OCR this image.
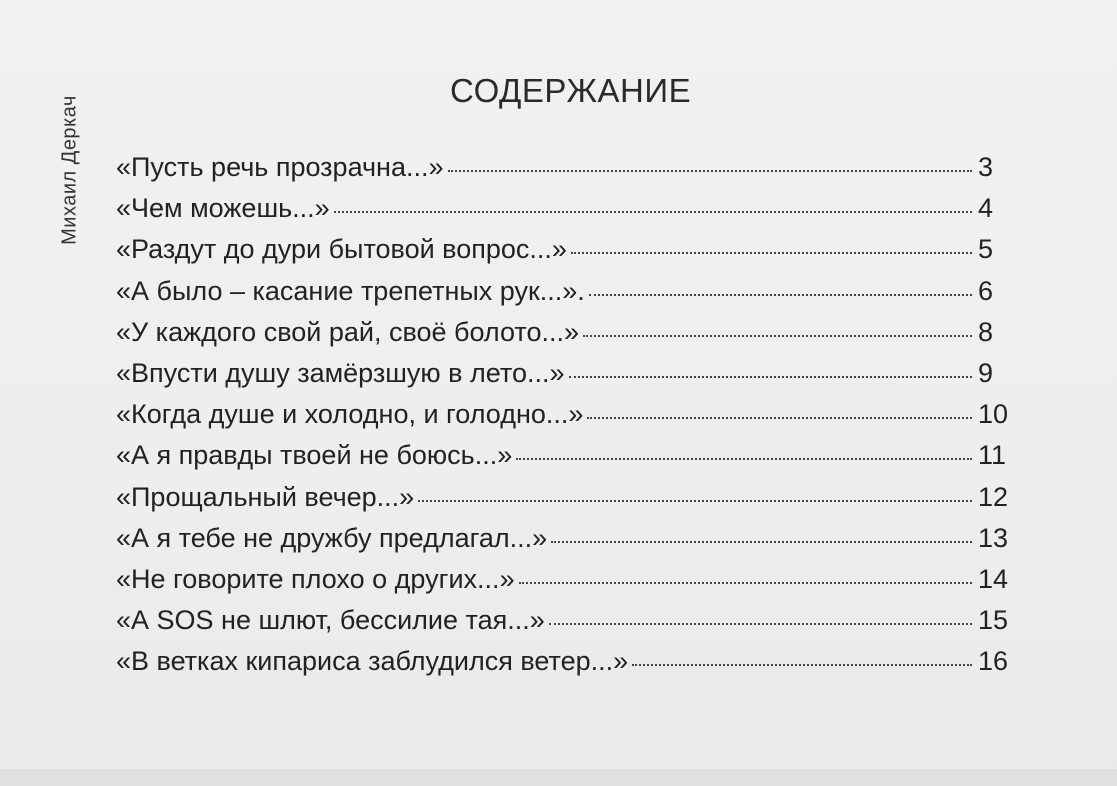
Михаил Деркач
СОДЕРЖАНИЕ
«Пусть речь прозрачна...»	3
«Чем можешь...»	4
«Раздут до дури бытовой вопрос...»	5
«А было – касание трепетных рук...».	6
«У каждого свой рай, своё болото...»	8
«Впусти душу замёрзшую в лето...»	9
«Когда душе и холодно, и голодно...»	10
«А я правды твоей не боюсь...»	11
«Прощальный вечер...»	12
«А я тебе не дружбу предлагал...»	13
«Не говорите плохо о других...»	14
«А SOS не шлют, бессилие тая...»	15
«В ветках кипариса заблудился ветер...»	16
